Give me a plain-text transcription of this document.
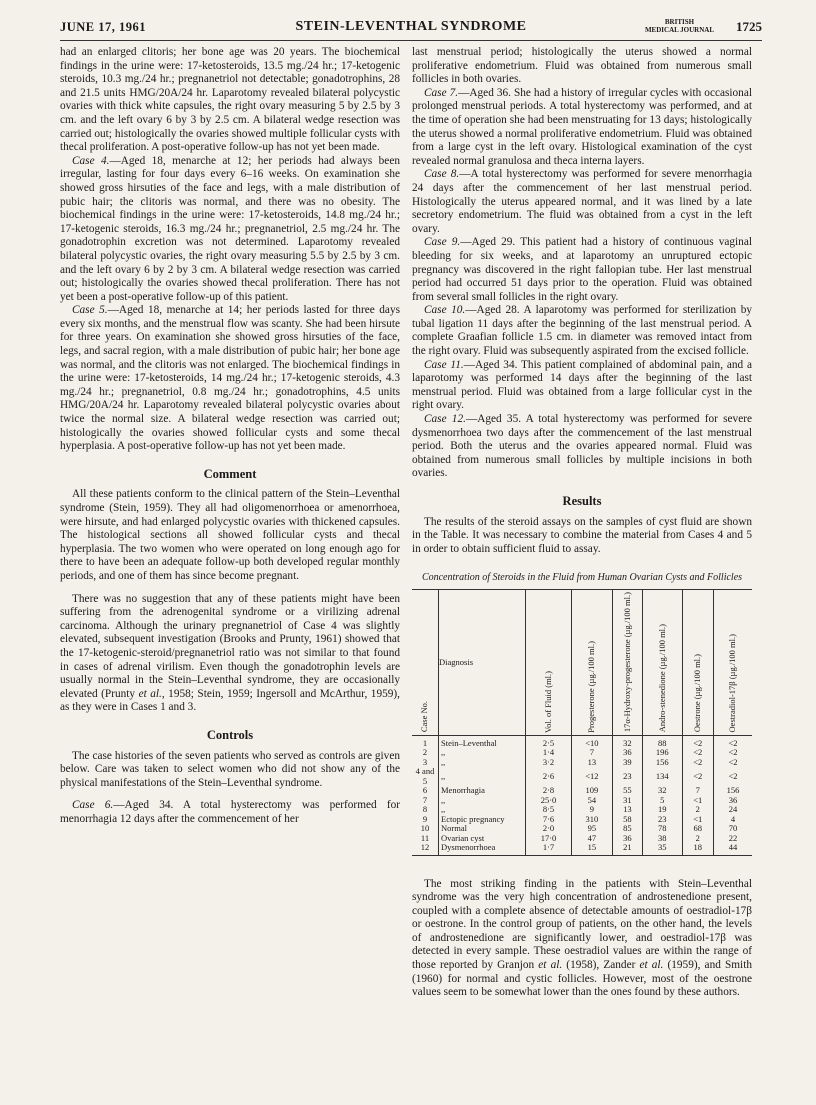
JUNE 17, 1961	STEIN-LEVENTHAL SYNDROME	BRITISH
MEDICAL JOURNAL 1725

had an enlarged clitoris; her bone age was 20 years. The biochemical findings in the urine were: 17-ketosteroids, 13.5 mg./24 hr.; 17-ketogenic steroids, 10.3 mg./24 hr.; pregnanetriol not detectable; gonadotrophins, 28 and 21.5 units HMG/20A/24 hr. Laparotomy revealed bilateral polycystic ovaries with thick white capsules, the right ovary measuring 5 by 2.5 by 3 cm. and the left ovary 6 by 3 by 2.5 cm. A bilateral wedge resection was carried out; histologically the ovaries showed multiple follicular cysts with thecal proliferation. A post-operative follow-up has not yet been made.

Case 4.—Aged 18, menarche at 12; her periods had always been irregular, lasting for four days every 6–16 weeks. On examination she showed gross hirsuties of the face and legs, with a male distribution of pubic hair; the clitoris was normal, and there was no obesity. The biochemical findings in the urine were: 17-ketosteroids, 14.8 mg./24 hr.; 17-ketogenic steroids, 16.3 mg./24 hr.; pregnanetriol, 2.5 mg./24 hr. The gonadotrophin excretion was not determined. Laparotomy revealed bilateral polycystic ovaries, the right ovary measuring 5.5 by 2.5 by 3 cm. and the left ovary 6 by 2 by 3 cm. A bilateral wedge resection was carried out; histologically the ovaries showed thecal proliferation. There has not yet been a post-operative follow-up of this patient.

Case 5.—Aged 18, menarche at 14; her periods lasted for three days every six months, and the menstrual flow was scanty. She had been hirsute for three years. On examination she showed gross hirsuties of the face, legs, and sacral region, with a male distribution of pubic hair; her bone age was normal, and the clitoris was not enlarged. The biochemical findings in the urine were: 17-ketosteroids, 14 mg./24 hr.; 17-ketogenic steroids, 4.3 mg./24 hr.; pregnanetriol, 0.8 mg./24 hr.; gonadotrophins, 4.5 units HMG/20A/24 hr. Laparotomy revealed bilateral polycystic ovaries about twice the normal size. A bilateral wedge resection was carried out; histologically the ovaries showed follicular cysts and some thecal hyperplasia. A post-operative follow-up has not yet been made.

Comment

All these patients conform to the clinical pattern of the Stein–Leventhal syndrome (Stein, 1959). They all had oligomenorrhoea or amenorrhoea, were hirsute, and had enlarged polycystic ovaries with thickened capsules. The histological sections all showed follicular cysts and thecal hyperplasia. The two women who were operated on long enough ago for there to have been an adequate follow-up both developed regular monthly periods, and one of them has since become pregnant.

There was no suggestion that any of these patients might have been suffering from the adrenogenital syndrome or a virilizing adrenal carcinoma. Although the urinary pregnanetriol of Case 4 was slightly elevated, subsequent investigation (Brooks and Prunty, 1961) showed that the 17-ketogenic-steroid/pregnanetriol ratio was not similar to that found in cases of adrenal virilism. Even though the gonadotrophin levels are usually normal in the Stein–Leventhal syndrome, they are occasionally elevated (Prunty et al., 1958; Stein, 1959; Ingersoll and McArthur, 1959), as they were in Cases 1 and 3.

Controls

The case histories of the seven patients who served as controls are given below. Care was taken to select women who did not show any of the physical manifestations of the Stein–Leventhal syndrome.

Case 6.—Aged 34. A total hysterectomy was performed for menorrhagia 12 days after the commencement of her

last menstrual period; histologically the uterus showed a normal proliferative endometrium. Fluid was obtained from numerous small follicles in both ovaries.

Case 7.—Aged 36. She had a history of irregular cycles with occasional prolonged menstrual periods. A total hysterectomy was performed, and at the time of operation she had been menstruating for 13 days; histologically the uterus showed a normal proliferative endometrium. Fluid was obtained from a large cyst in the left ovary. Histological examination of the cyst revealed normal granulosa and theca interna layers.

Case 8.—A total hysterectomy was performed for severe menorrhagia 24 days after the commencement of her last menstrual period. Histologically the uterus appeared normal, and it was lined by a late secretory endometrium. The fluid was obtained from a cyst in the left ovary.

Case 9.—Aged 29. This patient had a history of continuous vaginal bleeding for six weeks, and at laparotomy an unruptured ectopic pregnancy was discovered in the right fallopian tube. Her last menstrual period had occurred 51 days prior to the operation. Fluid was obtained from several small follicles in the right ovary.

Case 10.—Aged 28. A laparotomy was performed for sterilization by tubal ligation 11 days after the beginning of the last menstrual period. A complete Graafian follicle 1.5 cm. in diameter was removed intact from the right ovary. Fluid was subsequently aspirated from the excised follicle.

Case 11.—Aged 34. This patient complained of abdominal pain, and a laparotomy was performed 14 days after the beginning of the last menstrual period. Fluid was obtained from a large follicular cyst in the right ovary.

Case 12.—Aged 35. A total hysterectomy was performed for severe dysmenorrhoea two days after the commencement of the last menstrual period. Both the uterus and the ovaries appeared normal. Fluid was obtained from numerous small follicles by multiple incisions in both ovaries.

Results

The results of the steroid assays on the samples of cyst fluid are shown in the Table. It was necessary to combine the material from Cases 4 and 5 in order to obtain sufficient fluid to assay.

Concentration of Steroids in the Fluid from Human Ovarian Cysts and Follicles
Case No.	Diagnosis	Vol. of Fluid (ml.)	Progesterone (µg./100 ml.)	17α-Hydroxy-progesterone (µg./100 ml.)	Andro-stenedione (µg./100 ml.)	Oestrone (µg./100 ml.)	Oestradiol-17β (µg./100 ml.)

1	Stein–Leventhal	2·5	<10	32	88	<2	<2
2	,,	1·4	7	36	196	<2	<2
3	,,	3·2	13	39	156	<2	<2
4 and 5	,,	2·6	<12	23	134	<2	<2
6	Menorrhagia	2·8	109	55	32	7	156
7	,,	25·0	54	31	5	<1	36
8	,,	8·5	9	13	19	2	24
9	Ectopic pregnancy	7·6	310	58	23	<1	4
10	Normal	2·0	95	85	78	68	70
11	Ovarian cyst	17·0	47	36	38	2	22
12	Dysmenorrhoea	1·7	15	21	35	18	44

The most striking finding in the patients with Stein–Leventhal syndrome was the very high concentration of androstenedione present, coupled with a complete absence of detectable amounts of oestradiol-17β or oestrone. In the control group of patients, on the other hand, the levels of androstenedione are significantly lower, and oestradiol-17β was detected in every sample. These oestradiol values are within the range of those reported by Granjon et al. (1958), Zander et al. (1959), and Smith (1960) for normal and cystic follicles. However, most of the oestrone values seem to be somewhat lower than the ones found by these authors.
